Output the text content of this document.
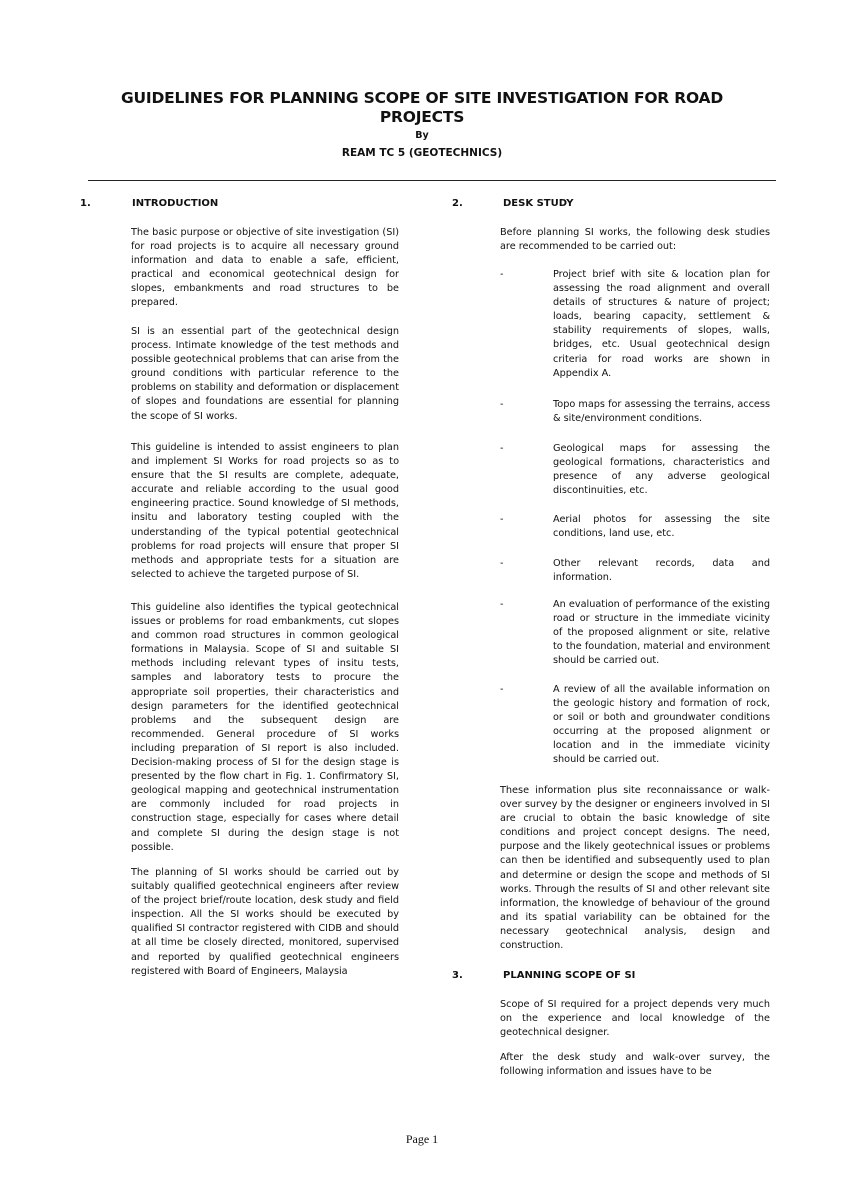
GUIDELINES FOR PLANNING SCOPE OF SITE INVESTIGATION FOR ROAD
PROJECTS
By
REAM TC 5 (GEOTECHNICS)
1.	INTRODUCTION

The basic purpose or objective of site investigation (SI) for road projects is to acquire all necessary ground information and data to enable a safe, efficient, practical and economical geotechnical design for slopes, embankments and road structures to be prepared.

SI is an essential part of the geotechnical design process. Intimate knowledge of the test methods and possible geotechnical problems that can arise from the ground conditions with particular reference to the problems on stability and deformation or displacement of slopes and foundations are essential for planning the scope of SI works.

This guideline is intended to assist engineers to plan and implement SI Works for road projects so as to ensure that the SI results are complete, adequate, accurate and reliable according to the usual good engineering practice. Sound knowledge of SI methods, insitu and laboratory testing coupled with the understanding of the typical potential geotechnical problems for road projects will ensure that proper SI methods and appropriate tests for a situation are selected to achieve the targeted purpose of SI.

This guideline also identifies the typical geotechnical issues or problems for road embankments, cut slopes and common road structures in common geological formations in Malaysia. Scope of SI and suitable SI methods including relevant types of insitu tests, samples and laboratory tests to procure the appropriate soil properties, their characteristics and design parameters for the identified geotechnical problems and the subsequent design are recommended. General procedure of SI works including preparation of SI report is also included. Decision-making process of SI for the design stage is presented by the flow chart in Fig. 1. Confirmatory SI, geological mapping and geotechnical instrumentation are commonly included for road projects in construction stage, especially for cases where detail and complete SI during the design stage is not possible.

The planning of SI works should be carried out by suitably qualified geotechnical engineers after review of the project brief/route location, desk study and field inspection. All the SI works should be executed by qualified SI contractor registered with CIDB and should at all time be closely directed, monitored, supervised and reported by qualified geotechnical engineers registered with Board of Engineers, Malaysia

2.	DESK STUDY

Before planning SI works, the following desk studies are recommended to be carried out:

-	Project brief with site & location plan for assessing the road alignment and overall details of structures & nature of project; loads, bearing capacity, settlement & stability requirements of slopes, walls, bridges, etc. Usual geotechnical design criteria for road works are shown in Appendix A.
-	Topo maps for assessing the terrains, access & site/environment conditions.
-	Geological maps for assessing the geological formations, characteristics and presence of any adverse geological discontinuities, etc.
-	Aerial photos for assessing the site conditions, land use, etc.
-	Other relevant records, data and information.
-	An evaluation of performance of the existing road or structure in the immediate vicinity of the proposed alignment or site, relative to the foundation, material and environment should be carried out.
-	A review of all the available information on the geologic history and formation of rock, or soil or both and groundwater conditions occurring at the proposed alignment or location and in the immediate vicinity should be carried out.

These information plus site reconnaissance or walk-over survey by the designer or engineers involved in SI are crucial to obtain the basic knowledge of site conditions and project concept designs. The need, purpose and the likely geotechnical issues or problems can then be identified and subsequently used to plan and determine or design the scope and methods of SI works. Through the results of SI and other relevant site information, the knowledge of behaviour of the ground and its spatial variability can be obtained for the necessary geotechnical analysis, design and construction.

3.	PLANNING SCOPE OF SI

Scope of SI required for a project depends very much on the experience and local knowledge of the geotechnical designer.

After the desk study and walk-over survey, the following information and issues have to be

Page 1
